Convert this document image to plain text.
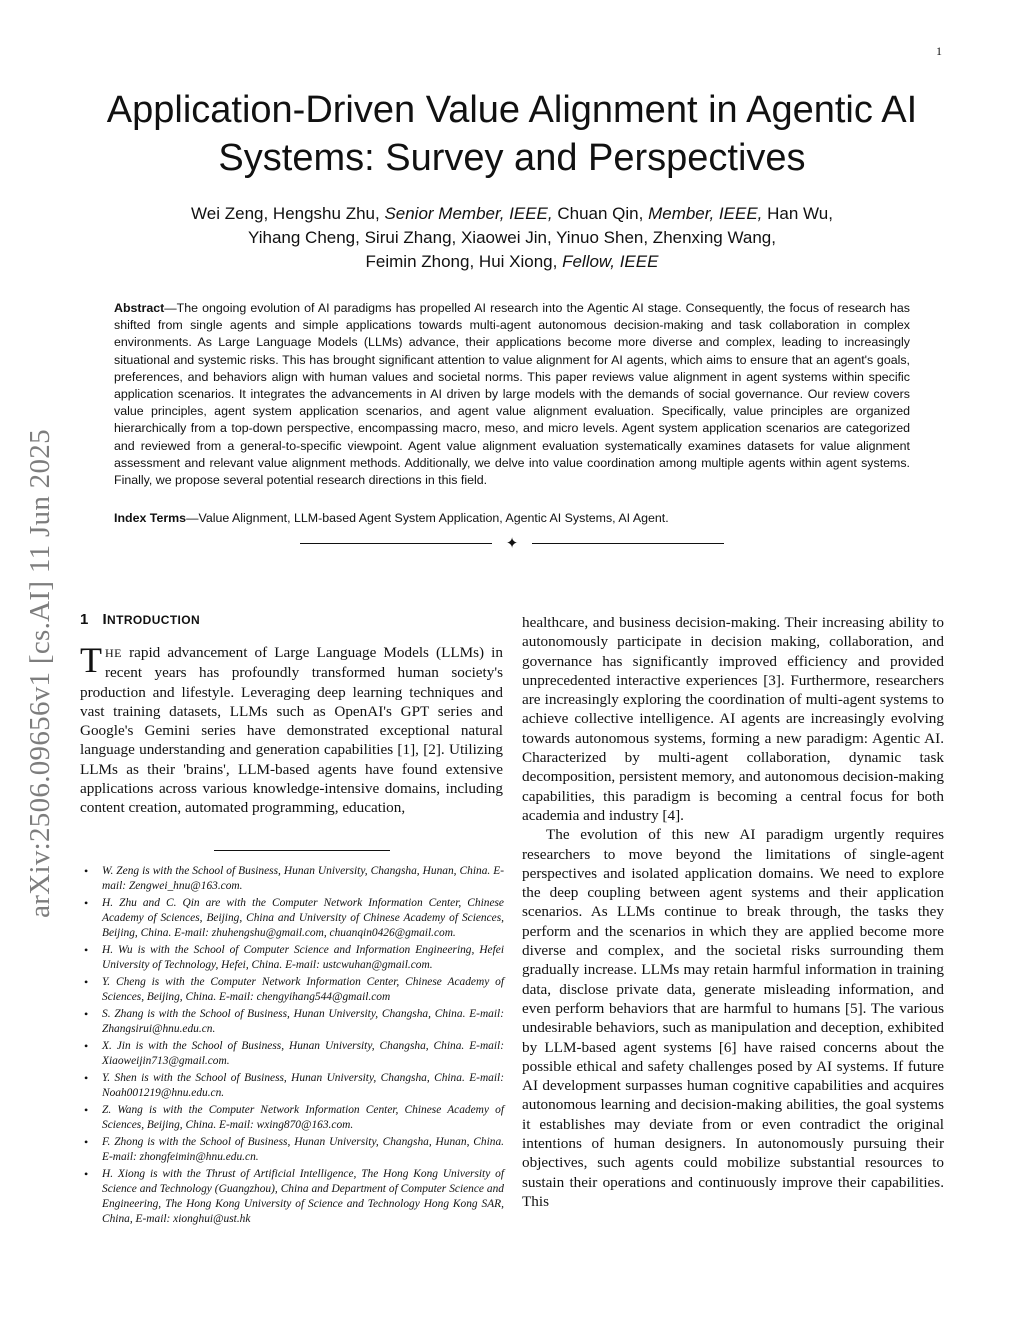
1
arXiv:2506.09656v1 [cs.AI] 11 Jun 2025
Application-Driven Value Alignment in Agentic AI
Systems: Survey and Perspectives
Wei Zeng, Hengshu Zhu, Senior Member, IEEE, Chuan Qin, Member, IEEE, Han Wu,
Yihang Cheng, Sirui Zhang, Xiaowei Jin, Yinuo Shen, Zhenxing Wang,
Feimin Zhong, Hui Xiong, Fellow, IEEE
Abstract—The ongoing evolution of AI paradigms has propelled AI research into the Agentic AI stage. Consequently, the focus of research has shifted from single agents and simple applications towards multi-agent autonomous decision-making and task collaboration in complex environments. As Large Language Models (LLMs) advance, their applications become more diverse and complex, leading to increasingly situational and systemic risks. This has brought significant attention to value alignment for AI agents, which aims to ensure that an agent's goals, preferences, and behaviors align with human values and societal norms. This paper reviews value alignment in agent systems within specific application scenarios. It integrates the advancements in AI driven by large models with the demands of social governance. Our review covers value principles, agent system application scenarios, and agent value alignment evaluation. Specifically, value principles are organized hierarchically from a top-down perspective, encompassing macro, meso, and micro levels. Agent system application scenarios are categorized and reviewed from a general-to-specific viewpoint. Agent value alignment evaluation systematically examines datasets for value alignment assessment and relevant value alignment methods. Additionally, we delve into value coordination among multiple agents within agent systems. Finally, we propose several potential research directions in this field.
Index Terms—Value Alignment, LLM-based Agent System Application, Agentic AI Systems, AI Agent.
✦
1 INTRODUCTION

THE rapid advancement of Large Language Models (LLMs) in recent years has profoundly transformed human society's production and lifestyle. Leveraging deep learning techniques and vast training datasets, LLMs such as OpenAI's GPT series and Google's Gemini series have demonstrated exceptional natural language understanding and generation capabilities [1], [2]. Utilizing LLMs as their 'brains', LLM-based agents have found extensive applications across various knowledge-intensive domains, including content creation, automated programming, education,

• W. Zeng is with the School of Business, Hunan University, Changsha, Hunan, China. E-mail: Zengwei_hnu@163.com.
• H. Zhu and C. Qin are with the Computer Network Information Center, Chinese Academy of Sciences, Beijing, China and University of Chinese Academy of Sciences, Beijing, China. E-mail: zhuhengshu@gmail.com, chuanqin0426@gmail.com.
• H. Wu is with the School of Computer Science and Information Engineering, Hefei University of Technology, Hefei, China. E-mail: ustcwuhan@gmail.com.
• Y. Cheng is with the Computer Network Information Center, Chinese Academy of Sciences, Beijing, China. E-mail: chengyihang544@gmail.com
• S. Zhang is with the School of Business, Hunan University, Changsha, China. E-mail: Zhangsirui@hnu.edu.cn.
• X. Jin is with the School of Business, Hunan University, Changsha, China. E-mail: Xiaoweijin713@gmail.com.
• Y. Shen is with the School of Business, Hunan University, Changsha, China. E-mail: Noah001219@hnu.edu.cn.
• Z. Wang is with the Computer Network Information Center, Chinese Academy of Sciences, Beijing, China. E-mail: wxing870@163.com.
• F. Zhong is with the School of Business, Hunan University, Changsha, Hunan, China. E-mail: zhongfeimin@hnu.edu.cn.
• H. Xiong is with the Thrust of Artificial Intelligence, The Hong Kong University of Science and Technology (Guangzhou), China and Department of Computer Science and Engineering, The Hong Kong University of Science and Technology Hong Kong SAR, China, E-mail: xionghui@ust.hk

healthcare, and business decision-making. Their increasing ability to autonomously participate in decision making, collaboration, and governance has significantly improved efficiency and provided unprecedented interactive experiences [3]. Furthermore, researchers are increasingly exploring the coordination of multi-agent systems to achieve collective intelligence. AI agents are increasingly evolving towards autonomous systems, forming a new paradigm: Agentic AI. Characterized by multi-agent collaboration, dynamic task decomposition, persistent memory, and autonomous decision-making capabilities, this paradigm is becoming a central focus for both academia and industry [4].

The evolution of this new AI paradigm urgently requires researchers to move beyond the limitations of single-agent perspectives and isolated application domains. We need to explore the deep coupling between agent systems and their application scenarios. As LLMs continue to break through, the tasks they perform and the scenarios in which they are applied become more diverse and complex, and the societal risks surrounding them gradually increase. LLMs may retain harmful information in training data, disclose private data, generate misleading information, and even perform behaviors that are harmful to humans [5]. The various undesirable behaviors, such as manipulation and deception, exhibited by LLM-based agent systems [6] have raised concerns about the possible ethical and safety challenges posed by AI systems. If future AI development surpasses human cognitive capabilities and acquires autonomous learning and decision-making abilities, the goal systems it establishes may deviate from or even contradict the original intentions of human designers. In autonomously pursuing their objectives, such agents could mobilize substantial resources to sustain their operations and continuously improve their capabilities. This
